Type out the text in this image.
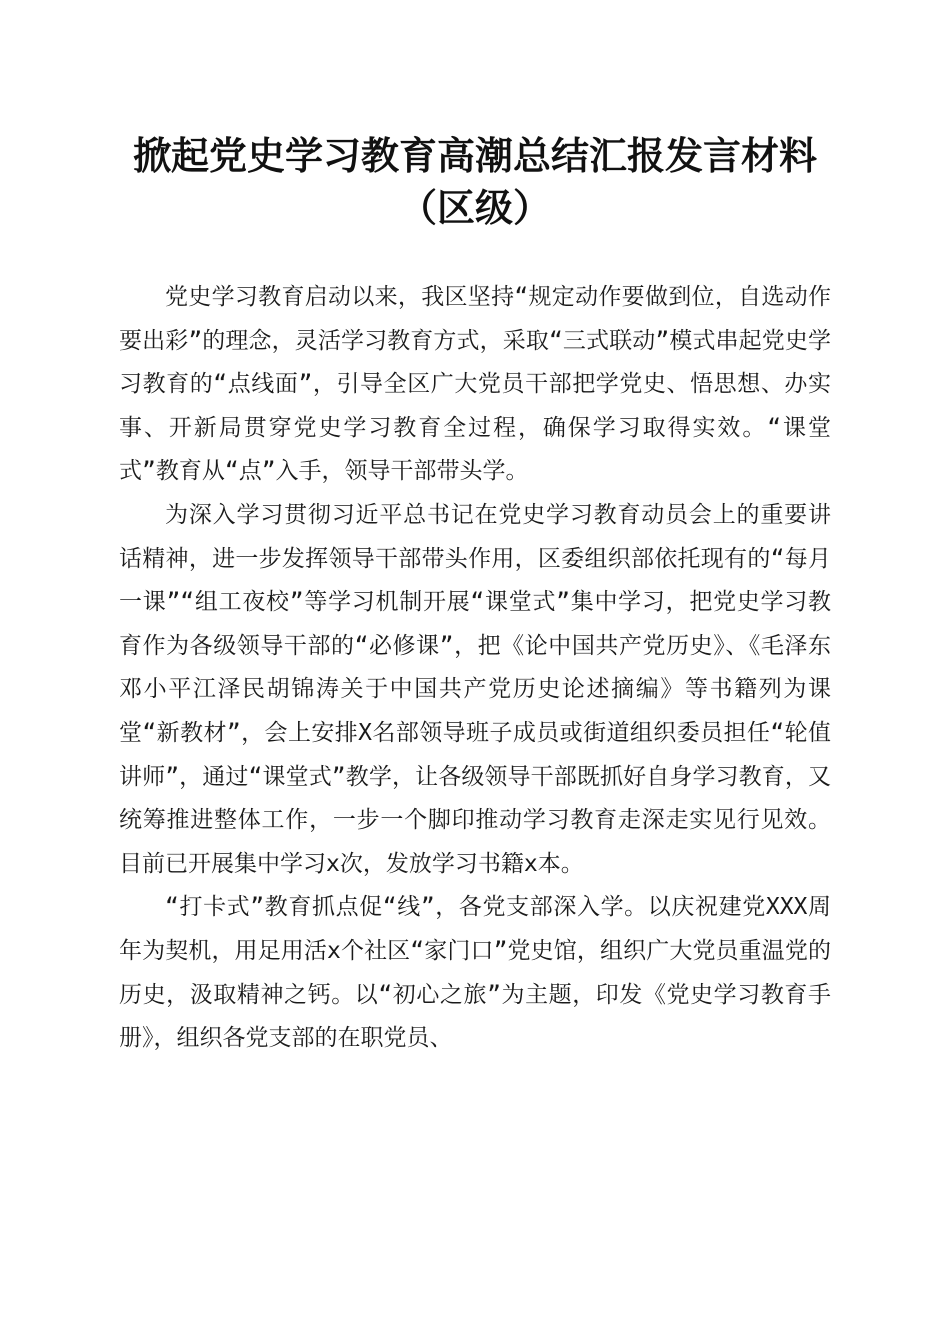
掀起党史学习教育高潮总结汇报发言材料（区级）

党史学习教育启动以来，我区坚持“规定动作要做到位，自选动作要出彩”的理念，灵活学习教育方式，采取“三式联动”模式串起党史学习教育的“点线面”，引导全区广大党员干部把学党史、悟思想、办实事、开新局贯穿党史学习教育全过程，确保学习取得实效。“课堂式”教育从“点”入手，领导干部带头学。

为深入学习贯彻习近平总书记在党史学习教育动员会上的重要讲话精神，进一步发挥领导干部带头作用，区委组织部依托现有的“每月一课”“组工夜校”等学习机制开展“课堂式”集中学习，把党史学习教育作为各级领导干部的“必修课”，把《论中国共产党历史》、《毛泽东邓小平江泽民胡锦涛关于中国共产党历史论述摘编》等书籍列为课堂“新教材”，会上安排X名部领导班子成员或街道组织委员担任“轮值讲师”，通过“课堂式”教学，让各级领导干部既抓好自身学习教育，又统筹推进整体工作，一步一个脚印推动学习教育走深走实见行见效。目前已开展集中学习x次，发放学习书籍x本。

“打卡式”教育抓点促“线”，各党支部深入学。以庆祝建党XXX周年为契机，用足用活x个社区“家门口”党史馆，组织广大党员重温党的历史，汲取精神之钙。以“初心之旅”为主题，印发《党史学习教育手册》，组织各党支部的在职党员、
